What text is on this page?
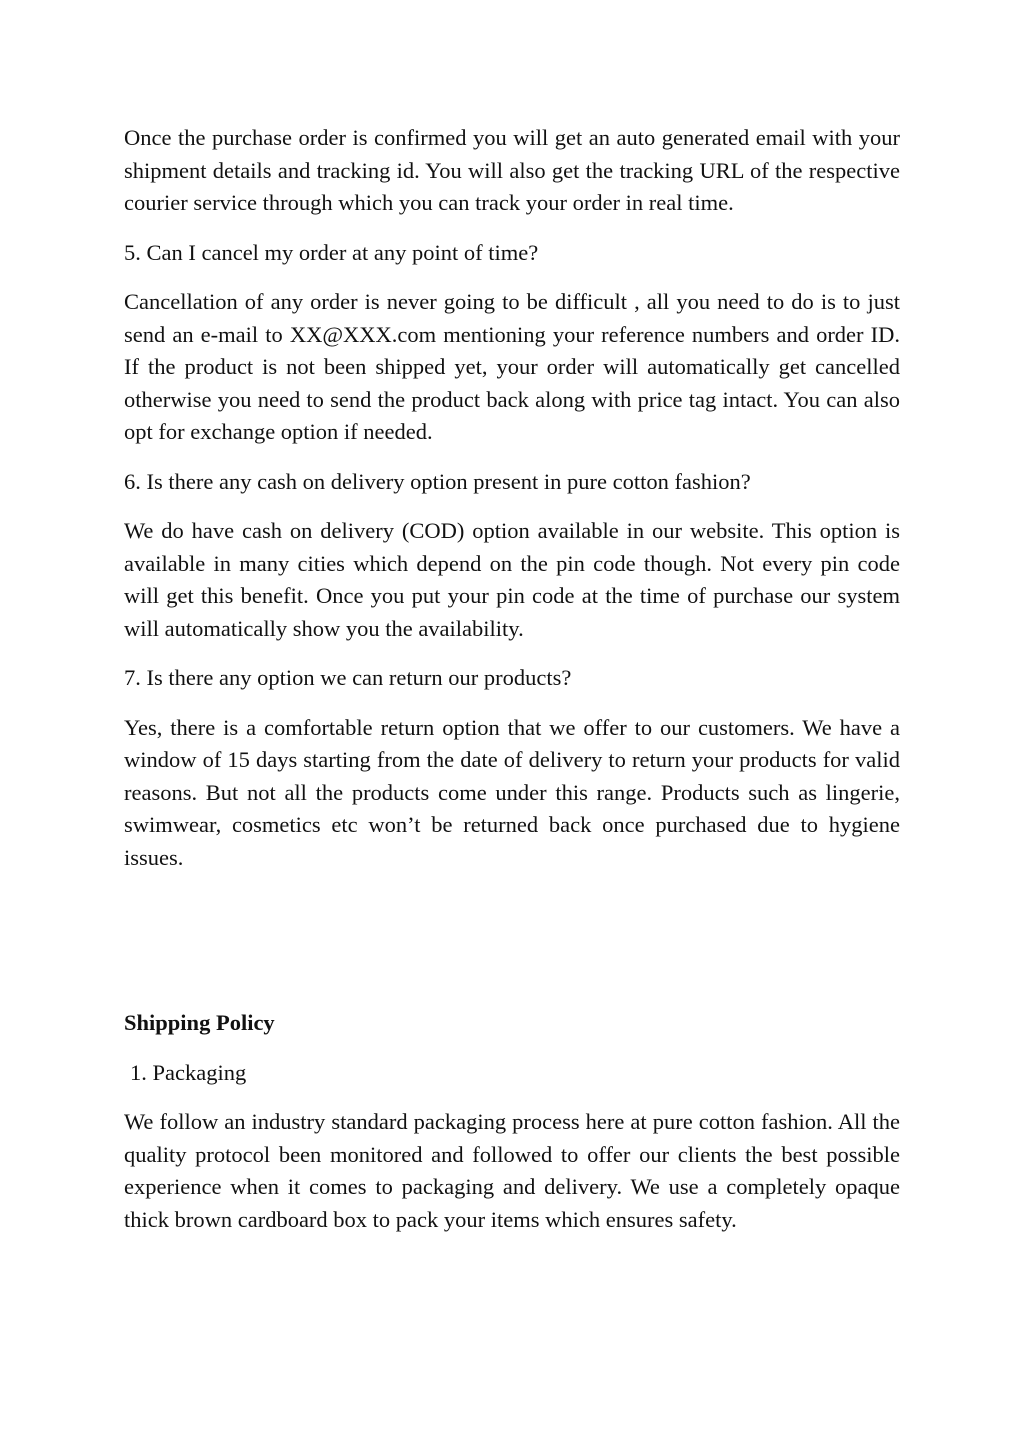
Once the purchase order is confirmed you will get an auto generated email with your shipment details and tracking id. You will also get the tracking URL of the respective courier service through which you can track your order in real time.

5. Can I cancel my order at any point of time?

Cancellation of any order is never going to be difficult , all you need to do is to just send an e-mail to XX@XXX.com mentioning your reference numbers and order ID. If the product is not been shipped yet, your order will automatically get cancelled otherwise you need to send the product back along with price tag intact. You can also opt for exchange option if needed.

6. Is there any cash on delivery option present in pure cotton fashion?

We do have cash on delivery (COD) option available in our website. This option is available in many cities which depend on the pin code though. Not every pin code will get this benefit. Once you put your pin code at the time of purchase our system will automatically show you the availability.

7. Is there any option we can return our products?

Yes, there is a comfortable return option that we offer to our customers. We have a window of 15 days starting from the date of delivery to return your products for valid reasons. But not all the products come under this range. Products such as lingerie, swimwear, cosmetics etc won’t be returned back once purchased due to hygiene issues.

Shipping Policy

1. Packaging

We follow an industry standard packaging process here at pure cotton fashion. All the quality protocol been monitored and followed to offer our clients the best possible experience when it comes to packaging and delivery. We use a completely opaque thick brown cardboard box to pack your items which ensures safety.
